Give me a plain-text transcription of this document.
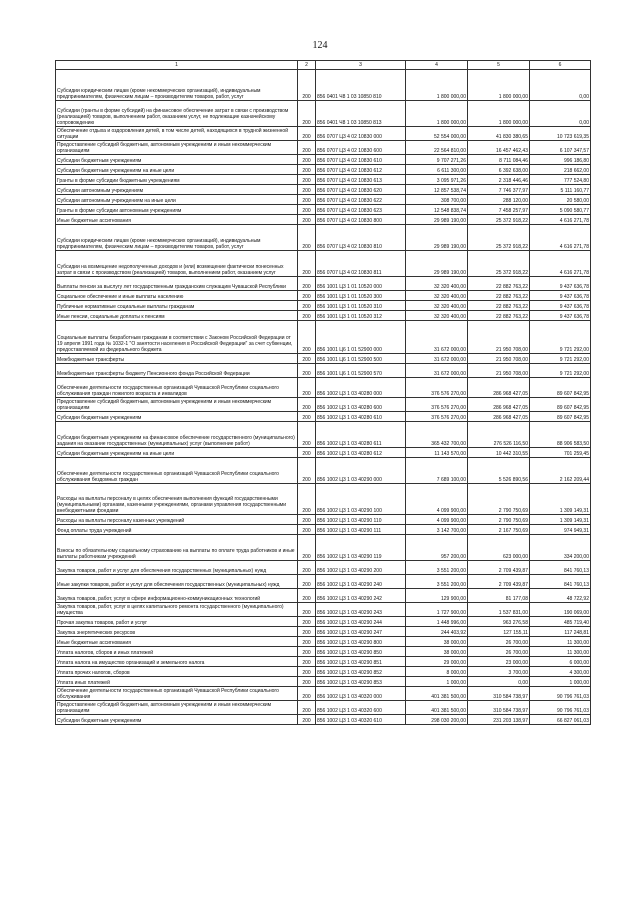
124
1	2	3	4	5	6
Субсидии юридическим лицам (кроме некоммерческих организаций), индивидуальным предпринимателям, физическим лицам – производителям товаров, работ, услуг	200	856 0401 Ч8 1 03 10850 810	1 800 000,00	1 800 000,00	0,00
Субсидии (гранты в форме субсидий) на финансовое обеспечение затрат в связи с производством (реализацией) товаров, выполнением работ, оказанием услуг, не подлежащие казначейскому сопровождению	200	856 0401 Ч8 1 03 10850 813	1 800 000,00	1 800 000,00	0,00
Обеспечение отдыха и оздоровления детей, в том числе детей, находящихся в трудной жизненной ситуации	200	856 0707 Ц3 4 02 10830 000	52 554 000,00	41 830 380,65	10 723 619,35
Предоставление субсидий бюджетным, автономным учреждениям и иным некоммерческим организациям	200	856 0707 Ц3 4 02 10830 600	22 564 810,00	16 457 462,43	6 107 347,57
Субсидии бюджетным учреждениям	200	856 0707 Ц3 4 02 10830 610	9 707 271,26	8 711 084,46	996 186,80
Субсидии бюджетным учреждениям на иные цели	200	856 0707 Ц3 4 02 10830 612	6 611 300,00	6 392 638,00	218 662,00
Гранты в форме субсидии бюджетным учреждениям	200	856 0707 Ц3 4 02 10830 613	3 095 971,26	2 318 446,46	777 524,80
Субсидии автономным учреждениям	200	856 0707 Ц3 4 02 10830 620	12 857 538,74	7 746 377,97	5 111 160,77
Субсидии автономным учреждениям на иные цели	200	856 0707 Ц3 4 02 10830 622	308 700,00	288 120,00	20 580,00
Гранты в форме субсидии автономным учреждениям	200	856 0707 Ц3 4 02 10830 623	12 548 838,74	7 458 257,97	5 090 580,77
Иные бюджетные ассигнования	200	856 0707 Ц3 4 02 10830 800	29 989 190,00	25 372 918,22	4 616 271,78
Субсидии юридическим лицам (кроме некоммерческих организаций), индивидуальным предпринимателям, физическим лицам – производителям товаров, работ, услуг	200	856 0707 Ц3 4 02 10830 810	29 989 190,00	25 372 918,22	4 616 271,78
Субсидии на возмещение недополученных доходов и (или) возмещение фактически понесенных затрат в связи с производством (реализацией) товаров, выполнением работ, оказанием услуг	200	856 0707 Ц3 4 02 10830 811	29 989 190,00	25 372 918,22	4 616 271,78
Выплаты пенсии за выслугу лет государственным гражданским служащим Чувашской Республики	200	856 1001 Ц3 1 01 10520 000	32 320 400,00	22 882 763,22	9 437 636,78
Социальное обеспечение и иные выплаты населению	200	856 1001 Ц3 1 01 10520 300	32 320 400,00	22 882 763,22	9 437 636,78
Публичные нормативные социальные выплаты гражданам	200	856 1001 Ц3 1 01 10520 310	32 320 400,00	22 882 763,22	9 437 636,78
Иные пенсии, социальные доплаты к пенсиям	200	856 1001 Ц3 1 01 10520 312	32 320 400,00	22 882 763,22	9 437 636,78
Социальные выплаты безработным гражданам в соответствии с Законом Российской Федерации от 19 апреля 1991 года № 1032-1 "О занятости населения в Российской Федерации" за счет субвенции, предоставляемой из федерального бюджета	200	856 1001 Ц6 1 01 52900 000	31 672 000,00	21 950 708,00	9 721 292,00
Межбюджетные трансферты	200	856 1001 Ц6 1 01 52900 500	31 672 000,00	21 950 708,00	9 721 292,00
Межбюджетные трансферты бюджету Пенсионного фонда Российской Федерации	200	856 1001 Ц6 1 01 52900 570	31 672 000,00	21 950 708,00	9 721 292,00
Обеспечение деятельности государственных организаций Чувашской Республики социального обслуживания граждан пожилого возраста и инвалидов	200	856 1002 Ц3 1 03 40280 000	376 576 270,00	286 968 427,05	89 607 842,95
Предоставление субсидий бюджетным, автономным учреждениям и иным некоммерческим организациям	200	856 1002 Ц3 1 03 40280 600	376 576 270,00	286 968 427,05	89 607 842,95
Субсидии бюджетным учреждениям	200	856 1002 Ц3 1 03 40280 610	376 576 270,00	286 968 427,05	89 607 842,95
Субсидии бюджетным учреждениям на финансовое обеспечение государственного (муниципального) задания на оказание государственных (муниципальных) услуг (выполнение работ)	200	856 1002 Ц3 1 03 40280 611	365 432 700,00	276 526 116,50	88 906 583,50
Субсидии бюджетным учреждениям на иные цели	200	856 1002 Ц3 1 03 40280 612	11 143 570,00	10 442 310,55	701 259,45
Обеспечение деятельности государственных организаций Чувашской Республики социального обслуживания бездомных граждан	200	856 1002 Ц3 1 03 40290 000	7 689 100,00	5 526 890,56	2 162 209,44
Расходы на выплаты персоналу в целях обеспечения выполнения функций государственными (муниципальными) органами, казенными учреждениями, органами управления государственными внебюджетными фондами	200	856 1002 Ц3 1 03 40290 100	4 099 900,00	2 790 750,69	1 309 149,31
Расходы на выплаты персоналу казенных учреждений	200	856 1002 Ц3 1 03 40290 110	4 099 900,00	2 790 750,69	1 309 149,31
Фонд оплаты труда учреждений	200	856 1002 Ц3 1 03 40290 111	3 142 700,00	2 167 750,69	974 949,31
Взносы по обязательному социальному страхованию на выплаты по оплате труда работников и иные выплаты работникам учреждений	200	856 1002 Ц3 1 03 40290 119	957 200,00	623 000,00	334 200,00
Закупка товаров, работ и услуг для обеспечения государственных (муниципальных) нужд	200	856 1002 Ц3 1 03 40290 200	3 551 200,00	2 709 439,87	841 760,13
Иные закупки товаров, работ и услуг для обеспечения государственных (муниципальных) нужд	200	856 1002 Ц3 1 03 40290 240	3 551 200,00	2 709 439,87	841 760,13
Закупка товаров, работ, услуг в сфере информационно-коммуникационных технологий	200	856 1002 Ц3 1 03 40290 242	129 900,00	81 177,08	48 722,92
Закупка товаров, работ, услуг в целях капитального ремонта государственного (муниципального) имущества	200	856 1002 Ц3 1 03 40290 243	1 727 900,00	1 537 831,00	190 069,00
Прочая закупка товаров, работ и услуг	200	856 1002 Ц3 1 03 40290 244	1 448 996,00	963 276,58	485 719,40
Закупка энергетических ресурсов	200	856 1002 Ц3 1 03 40290 247	244 403,92	127 155,11	117 248,81
Иные бюджетные ассигнования	200	856 1002 Ц3 1 03 40290 800	38 000,00	26 700,00	11 300,00
Уплата налогов, сборов и иных платежей	200	856 1002 Ц3 1 03 40290 850	38 000,00	26 700,00	11 300,00
Уплата налога на имущество организаций и земельного налога	200	856 1002 Ц3 1 03 40290 851	29 000,00	23 000,00	6 000,00
Уплата прочих налогов, сборов	200	856 1002 Ц3 1 03 40290 852	8 000,00	3 700,00	4 300,00
Уплата иных платежей	200	856 1002 Ц3 1 03 40290 853	1 000,00	0,00	1 000,00
Обеспечение деятельности государственных организаций Чувашской Республики социального обслуживания	200	856 1002 Ц3 1 03 40320 000	401 381 500,00	310 584 738,97	90 796 761,03
Предоставление субсидий бюджетным, автономным учреждениям и иным некоммерческим организациям	200	856 1002 Ц3 1 03 40320 600	401 381 500,00	310 584 738,97	90 796 761,03
Субсидии бюджетным учреждениям	200	856 1002 Ц3 1 03 40320 610	298 030 200,00	231 203 138,97	66 827 061,03
